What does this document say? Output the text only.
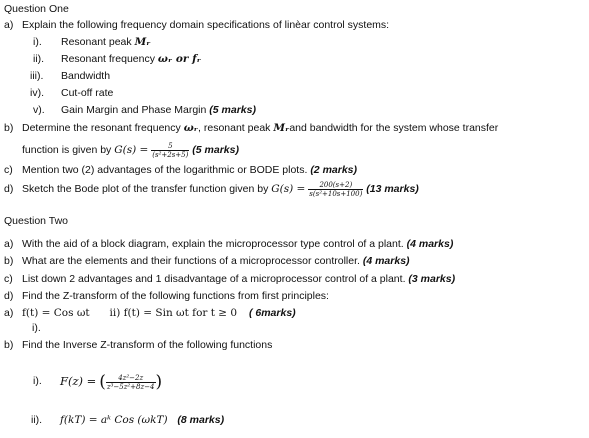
Question One
a) Explain the following frequency domain specifications of linèar control systems:
i). Resonant peak Mᵣ
ii). Resonant frequency ωᵣ or fᵣ
iii). Bandwidth
iv). Cut-off rate
v). Gain Margin and Phase Margin (5 marks)
b) Determine the resonant frequency ωᵣ, resonant peak Mᵣand bandwidth for the system whose transfer
function is given by $G(s) = \frac{5}{\text{(s²+2s+5)}} (5$ marks)
c) Mention two (2) advantages of the logarithmic or BODE plots. (2 marks)
d) Sketch the Bode plot of the transfer function given by $G(s) = \frac{200(s+2)}{\text{s(s²+10s+100)}} (13$ marks)
Question Two
a) With the aid of a block diagram, explain the microprocessor type control of a plant. (4 marks)
b) What are the elements and their functions of a microprocessor controller. (4 marks)
c) List down 2 advantages and 1 disadvantage of a microprocessor control of a plant. (3 marks)
d) Find the Z-transform of the following functions from first principles:
a) f(t) = Cos ωt ii) f(t) = Sin ωt for t ≥ 0 ( 6marks)
i).
b) Find the Inverse Z-transform of the following functions
i). F(z) = ( $\frac{\text{4z²−2z}}{\text{z³−5z²+8z−4}}$ )
ii). f(kT) = aᵏ Cos (ωkT) (8 marks)
